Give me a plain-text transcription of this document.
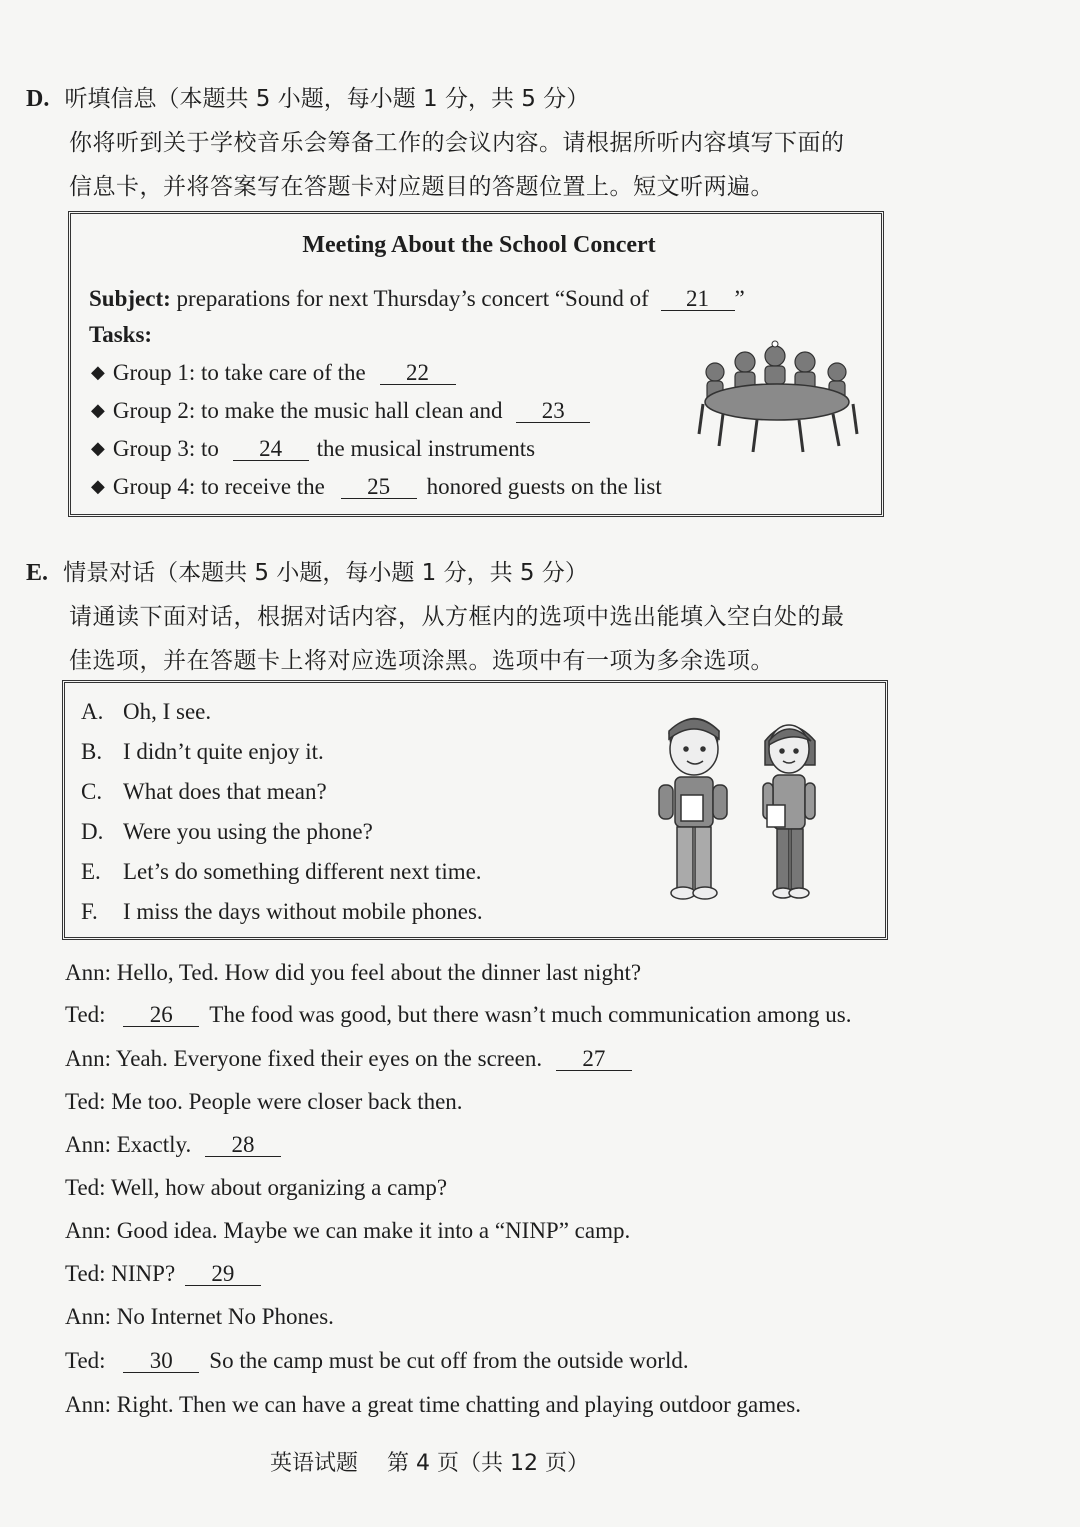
D. 听填信息（本题共 5 小题，每小题 1 分，共 5 分）
你将听到关于学校音乐会筹备工作的会议内容。请根据所听内容填写下面的
信息卡，并将答案写在答题卡对应题目的答题位置上。短文听两遍。
Meeting About the School Concert
Subject: preparations for next Thursday’s concert “Sound of 21 ”
Tasks:
◆ Group 1: to take care of the 22
◆ Group 2: to make the music hall clean and 23
◆ Group 3: to 24 the musical instruments
◆ Group 4: to receive the 25 honored guests on the list
E. 情景对话（本题共 5 小题，每小题 1 分，共 5 分）
请通读下面对话，根据对话内容，从方框内的选项中选出能填入空白处的最
佳选项，并在答题卡上将对应选项涂黑。选项中有一项为多余选项。
A. Oh, I see.
B. I didn’t quite enjoy it.
C. What does that mean?
D. Were you using the phone?
E. Let’s do something different next time.
F. I miss the days without mobile phones.
Ann: Hello, Ted. How did you feel about the dinner last night?
Ted: 26 The food was good, but there wasn’t much communication among us.
Ann: Yeah. Everyone fixed their eyes on the screen. 27
Ted: Me too. People were closer back then.
Ann: Exactly. 28
Ted: Well, how about organizing a camp?
Ann: Good idea. Maybe we can make it into a “NINP” camp.
Ted: NINP? 29
Ann: No Internet No Phones.
Ted: 30 So the camp must be cut off from the outside world.
Ann: Right. Then we can have a great time chatting and playing outdoor games.
英语试题 第 4 页（共 12 页）
